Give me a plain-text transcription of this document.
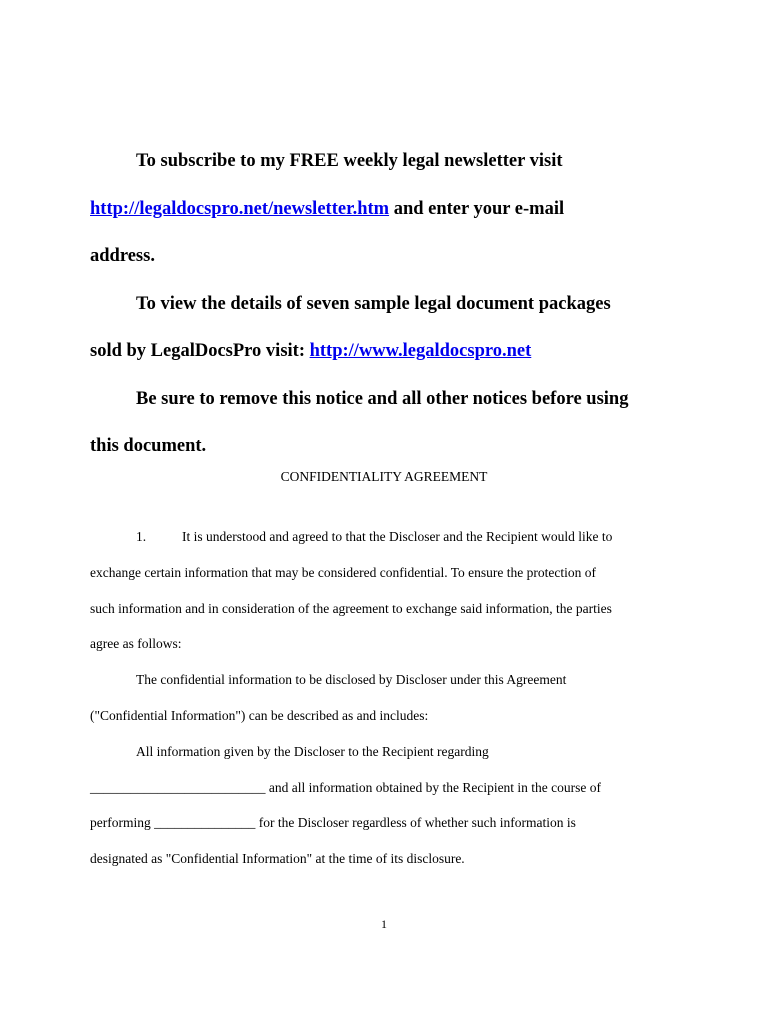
To subscribe to my FREE weekly legal newsletter visit
http://legaldocspro.net/newsletter.htm and enter your e-mail
address.
To view the details of seven sample legal document packages
sold by LegalDocsPro visit: http://www.legaldocspro.net
Be sure to remove this notice and all other notices before using
this document.
CONFIDENTIALITY AGREEMENT
1.	It is understood and agreed to that the Discloser and the Recipient would like to
exchange certain information that may be considered confidential. To ensure the protection of
such information and in consideration of the agreement to exchange said information, the parties
agree as follows:
The confidential information to be disclosed by Discloser under this Agreement
("Confidential Information") can be described as and includes:
All information given by the Discloser to the Recipient regarding
__________________________ and all information obtained by the Recipient in the course of
performing _______________ for the Discloser regardless of whether such information is
designated as "Confidential Information" at the time of its disclosure.
1
